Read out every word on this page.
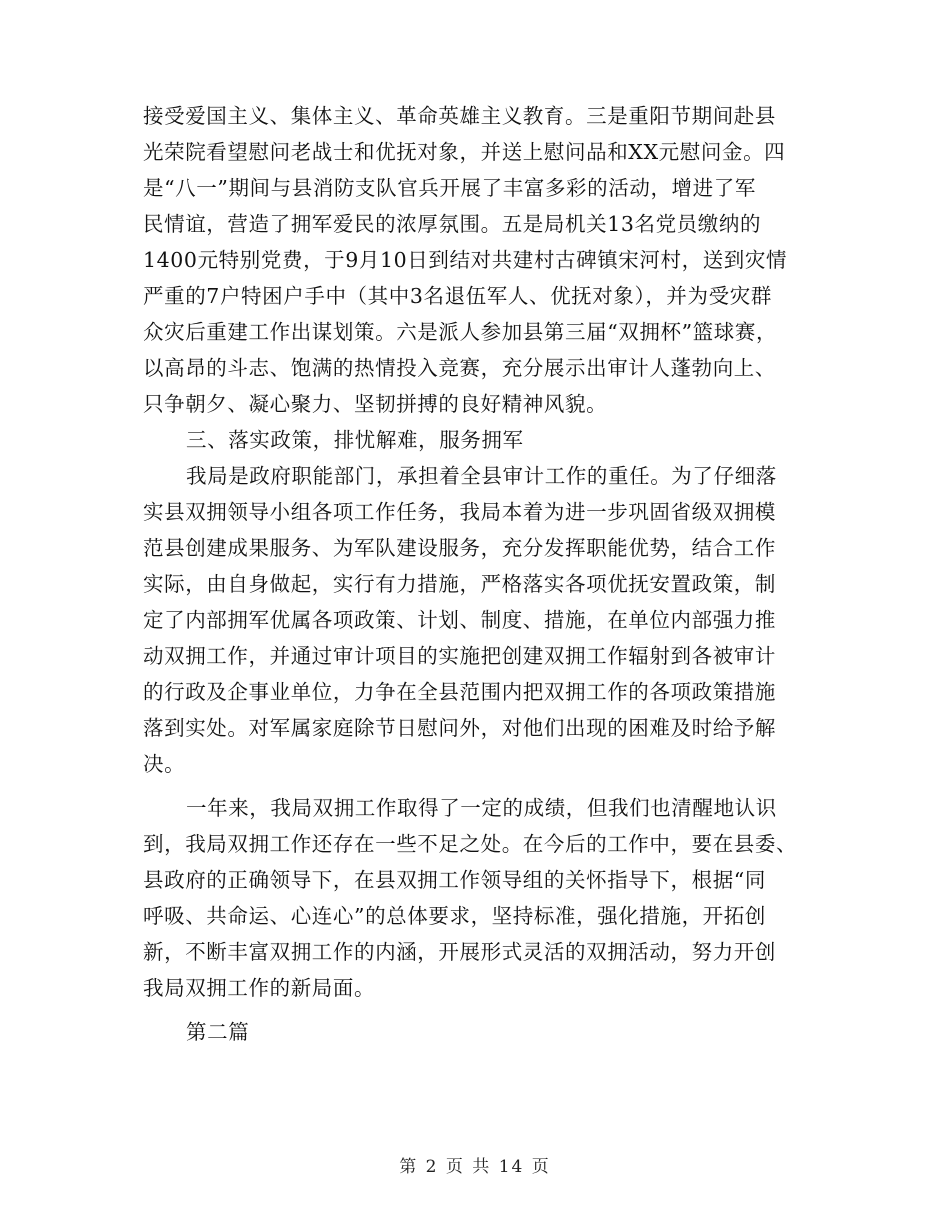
接受爱国主义、集体主义、革命英雄主义教育。三是重阳节期间赴县
光荣院看望慰问老战士和优抚对象，并送上慰问品和XX元慰问金。四
是“八一”期间与县消防支队官兵开展了丰富多彩的活动，增进了军
民情谊，营造了拥军爱民的浓厚氛围。五是局机关13名党员缴纳的
1400元特别党费，于9月10日到结对共建村古碑镇宋河村，送到灾情
严重的7户特困户手中（其中3名退伍军人、优抚对象），并为受灾群
众灾后重建工作出谋划策。六是派人参加县第三届“双拥杯”篮球赛，
以高昂的斗志、饱满的热情投入竞赛，充分展示出审计人蓬勃向上、
只争朝夕、凝心聚力、坚韧拼搏的良好精神风貌。
三、落实政策，排忧解难，服务拥军
我局是政府职能部门，承担着全县审计工作的重任。为了仔细落
实县双拥领导小组各项工作任务，我局本着为进一步巩固省级双拥模
范县创建成果服务、为军队建设服务，充分发挥职能优势，结合工作
实际，由自身做起，实行有力措施，严格落实各项优抚安置政策，制
定了内部拥军优属各项政策、计划、制度、措施，在单位内部强力推
动双拥工作，并通过审计项目的实施把创建双拥工作辐射到各被审计
的行政及企事业单位，力争在全县范围内把双拥工作的各项政策措施
落到实处。对军属家庭除节日慰问外，对他们出现的困难及时给予解
决。
一年来，我局双拥工作取得了一定的成绩，但我们也清醒地认识
到，我局双拥工作还存在一些不足之处。在今后的工作中，要在县委、
县政府的正确领导下，在县双拥工作领导组的关怀指导下，根据“同
呼吸、共命运、心连心”的总体要求，坚持标准，强化措施，开拓创
新，不断丰富双拥工作的内涵，开展形式灵活的双拥活动，努力开创
我局双拥工作的新局面。
第二篇
第 2 页 共 14 页
